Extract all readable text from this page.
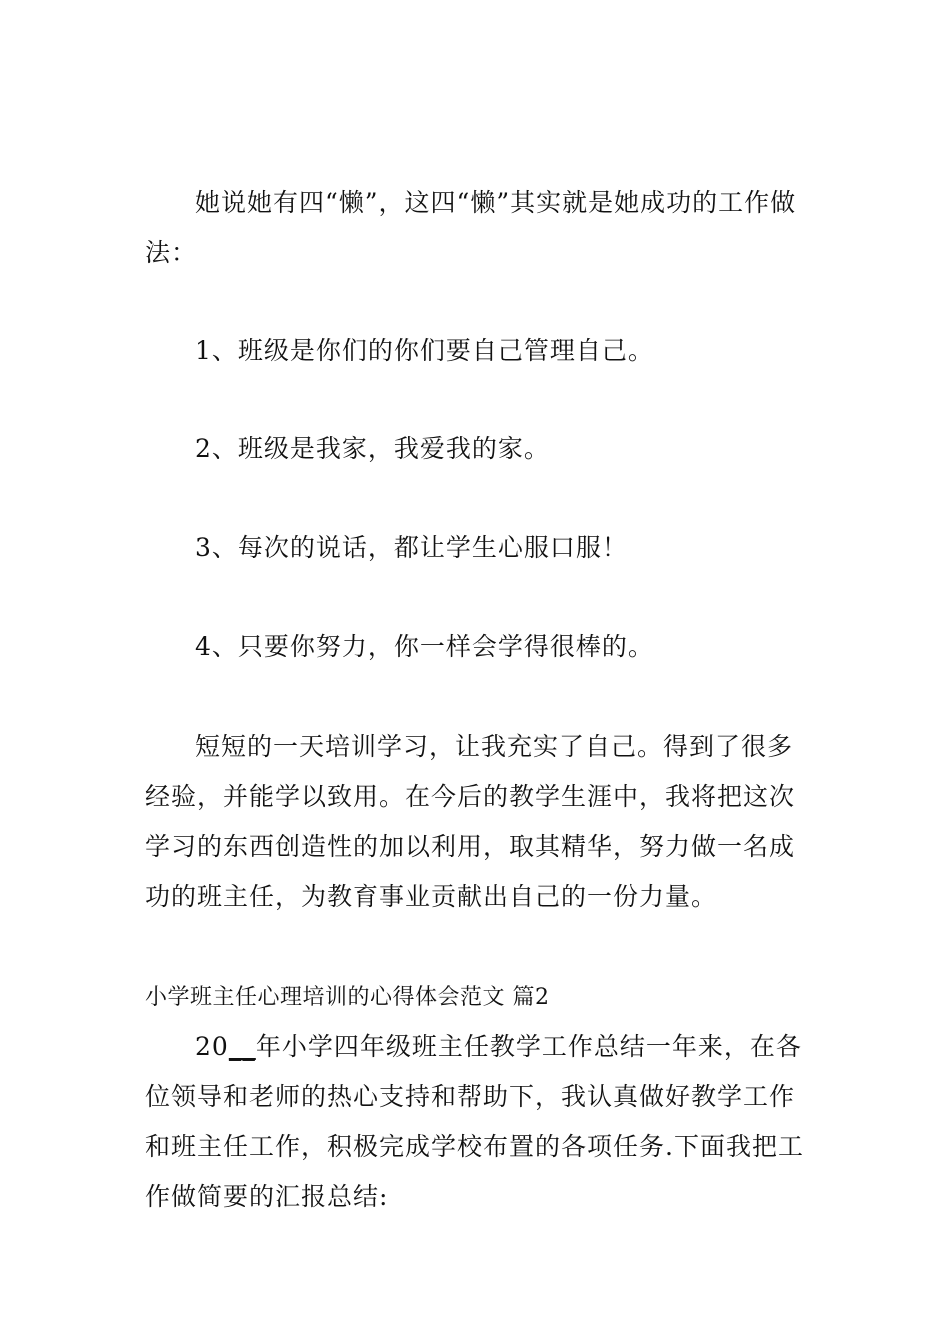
她说她有四“懒”，这四“懒”其实就是她成功的工作做法：

1、班级是你们的你们要自己管理自己。

2、班级是我家，我爱我的家。

3、每次的说话，都让学生心服口服！

4、只要你努力，你一样会学得很棒的。

短短的一天培训学习，让我充实了自己。得到了很多经验，并能学以致用。在今后的教学生涯中，我将把这次学习的东西创造性的加以利用，取其精华，努力做一名成功的班主任，为教育事业贡献出自己的一份力量。

小学班主任心理培训的心得体会范文 篇2

20__年小学四年级班主任教学工作总结一年来，在各位领导和老师的热心支持和帮助下，我认真做好教学工作和班主任工作，积极完成学校布置的各项任务.下面我把工作做简要的汇报总结:
